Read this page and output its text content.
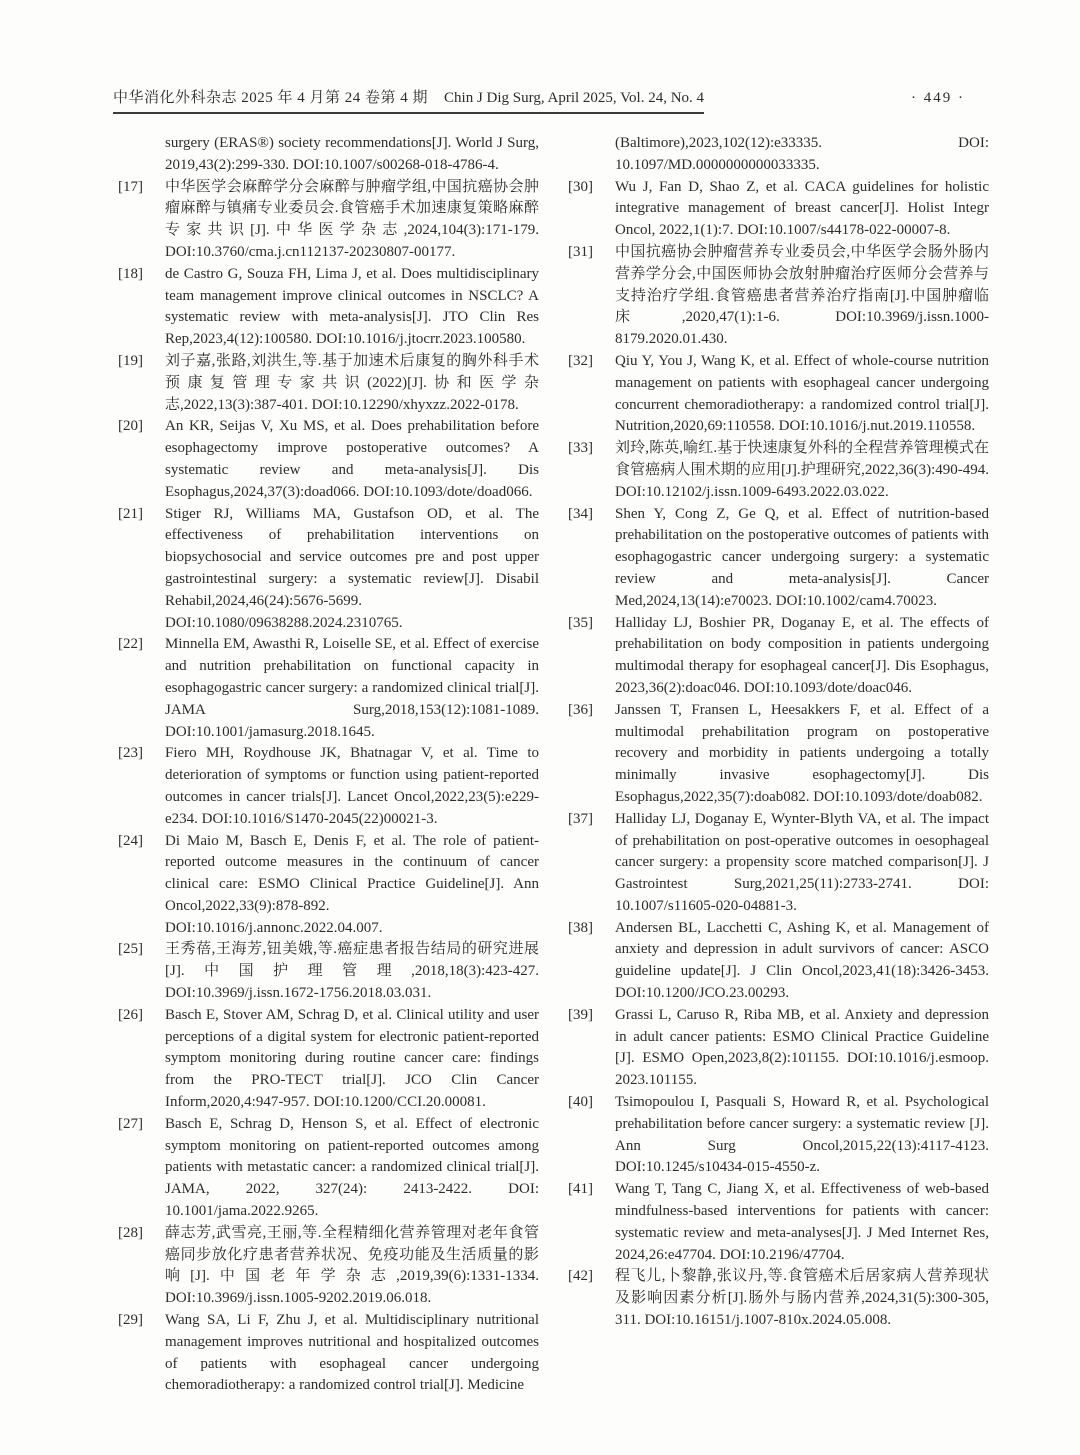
中华消化外科杂志 2025 年 4 月第 24 卷第 4 期 Chin J Dig Surg, April 2025, Vol. 24, No. 4	· 449 ·
surgery (ERAS®) society recommendations[J]. World J Surg, 2019,43(2):299-330. DOI:10.1007/s00268-018-4786-4.
[17]	中华医学会麻醉学分会麻醉与肿瘤学组,中国抗癌协会肿瘤麻醉与镇痛专业委员会.食管癌手术加速康复策略麻醉专家共识[J].中华医学杂志,2024,104(3):171-179. DOI:10.3760/cma.j.cn112137-20230807-00177.
[18]	de Castro G, Souza FH, Lima J, et al. Does multidisciplinary team management improve clinical outcomes in NSCLC? A systematic review with meta-analysis[J]. JTO Clin Res Rep,2023,4(12):100580. DOI:10.1016/j.jtocrr.2023.100580.
[19]	刘子嘉,张路,刘洪生,等.基于加速术后康复的胸外科手术预康复管理专家共识(2022)[J].协和医学杂志,2022,13(3):387-401. DOI:10.12290/xhyxzz.2022-0178.
[20]	An KR, Seijas V, Xu MS, et al. Does prehabilitation before esophagectomy improve postoperative outcomes? A systematic review and meta-analysis[J]. Dis Esophagus,2024,37(3):doad066. DOI:10.1093/dote/doad066.
[21]	Stiger RJ, Williams MA, Gustafson OD, et al. The effectiveness of prehabilitation interventions on biopsychosocial and service outcomes pre and post upper gastrointestinal surgery: a systematic review[J]. Disabil Rehabil,2024,46(24):5676-5699. DOI:10.1080/09638288.2024.2310765.
[22]	Minnella EM, Awasthi R, Loiselle SE, et al. Effect of exercise and nutrition prehabilitation on functional capacity in esophagogastric cancer surgery: a randomized clinical trial[J]. JAMA Surg,2018,153(12):1081-1089. DOI:10.1001/jamasurg.2018.1645.
[23]	Fiero MH, Roydhouse JK, Bhatnagar V, et al. Time to deterioration of symptoms or function using patient-reported outcomes in cancer trials[J]. Lancet Oncol,2022,23(5):e229-e234. DOI:10.1016/S1470-2045(22)00021-3.
[24]	Di Maio M, Basch E, Denis F, et al. The role of patient-reported outcome measures in the continuum of cancer clinical care: ESMO Clinical Practice Guideline[J]. Ann Oncol,2022,33(9):878-892. DOI:10.1016/j.annonc.2022.04.007.
[25]	王秀蓓,王海芳,钮美娥,等.癌症患者报告结局的研究进展[J].中国护理管理,2018,18(3):423-427. DOI:10.3969/j.issn.1672-1756.2018.03.031.
[26]	Basch E, Stover AM, Schrag D, et al. Clinical utility and user perceptions of a digital system for electronic patient-reported symptom monitoring during routine cancer care: findings from the PRO-TECT trial[J]. JCO Clin Cancer Inform,2020,4:947-957. DOI:10.1200/CCI.20.00081.
[27]	Basch E, Schrag D, Henson S, et al. Effect of electronic symptom monitoring on patient-reported outcomes among patients with metastatic cancer: a randomized clinical trial[J]. JAMA, 2022, 327(24): 2413-2422. DOI: 10.1001/jama.2022.9265.
[28]	薛志芳,武雪亮,王丽,等.全程精细化营养管理对老年食管癌同步放化疗患者营养状况、免疫功能及生活质量的影响[J].中国老年学杂志,2019,39(6):1331-1334. DOI:10.3969/j.issn.1005-9202.2019.06.018.
[29]	Wang SA, Li F, Zhu J, et al. Multidisciplinary nutritional management improves nutritional and hospitalized outcomes of patients with esophageal cancer undergoing chemoradiotherapy: a randomized control trial[J]. Medicine
(Baltimore),2023,102(12):e33335. DOI: 10.1097/MD.0000000000033335.
[30]	Wu J, Fan D, Shao Z, et al. CACA guidelines for holistic integrative management of breast cancer[J]. Holist Integr Oncol, 2022,1(1):7. DOI:10.1007/s44178-022-00007-8.
[31]	中国抗癌协会肿瘤营养专业委员会,中华医学会肠外肠内营养学分会,中国医师协会放射肿瘤治疗医师分会营养与支持治疗学组.食管癌患者营养治疗指南[J].中国肿瘤临床,2020,47(1):1-6. DOI:10.3969/j.issn.1000-8179.2020.01.430.
[32]	Qiu Y, You J, Wang K, et al. Effect of whole-course nutrition management on patients with esophageal cancer undergoing concurrent chemoradiotherapy: a randomized control trial[J]. Nutrition,2020,69:110558. DOI:10.1016/j.nut.2019.110558.
[33]	刘玲,陈英,喻红.基于快速康复外科的全程营养管理模式在食管癌病人围术期的应用[J].护理研究,2022,36(3):490-494. DOI:10.12102/j.issn.1009-6493.2022.03.022.
[34]	Shen Y, Cong Z, Ge Q, et al. Effect of nutrition-based prehabilitation on the postoperative outcomes of patients with esophagogastric cancer undergoing surgery: a systematic review and meta-analysis[J]. Cancer Med,2024,13(14):e70023. DOI:10.1002/cam4.70023.
[35]	Halliday LJ, Boshier PR, Doganay E, et al. The effects of prehabilitation on body composition in patients undergoing multimodal therapy for esophageal cancer[J]. Dis Esophagus, 2023,36(2):doac046. DOI:10.1093/dote/doac046.
[36]	Janssen T, Fransen L, Heesakkers F, et al. Effect of a multimodal prehabilitation program on postoperative recovery and morbidity in patients undergoing a totally minimally invasive esophagectomy[J]. Dis Esophagus,2022,35(7):doab082. DOI:10.1093/dote/doab082.
[37]	Halliday LJ, Doganay E, Wynter-Blyth VA, et al. The impact of prehabilitation on post-operative outcomes in oesophageal cancer surgery: a propensity score matched comparison[J]. J Gastrointest Surg,2021,25(11):2733-2741. DOI: 10.1007/s11605-020-04881-3.
[38]	Andersen BL, Lacchetti C, Ashing K, et al. Management of anxiety and depression in adult survivors of cancer: ASCO guideline update[J]. J Clin Oncol,2023,41(18):3426-3453. DOI:10.1200/JCO.23.00293.
[39]	Grassi L, Caruso R, Riba MB, et al. Anxiety and depression in adult cancer patients: ESMO Clinical Practice Guideline [J]. ESMO Open,2023,8(2):101155. DOI:10.1016/j.esmoop. 2023.101155.
[40]	Tsimopoulou I, Pasquali S, Howard R, et al. Psychological prehabilitation before cancer surgery: a systematic review [J]. Ann Surg Oncol,2015,22(13):4117-4123. DOI:10.1245/s10434-015-4550-z.
[41]	Wang T, Tang C, Jiang X, et al. Effectiveness of web-based mindfulness-based interventions for patients with cancer: systematic review and meta-analyses[J]. J Med Internet Res, 2024,26:e47704. DOI:10.2196/47704.
[42]	程飞儿,卜黎静,张议丹,等.食管癌术后居家病人营养现状及影响因素分析[J].肠外与肠内营养,2024,31(5):300-305, 311. DOI:10.16151/j.1007-810x.2024.05.008.
